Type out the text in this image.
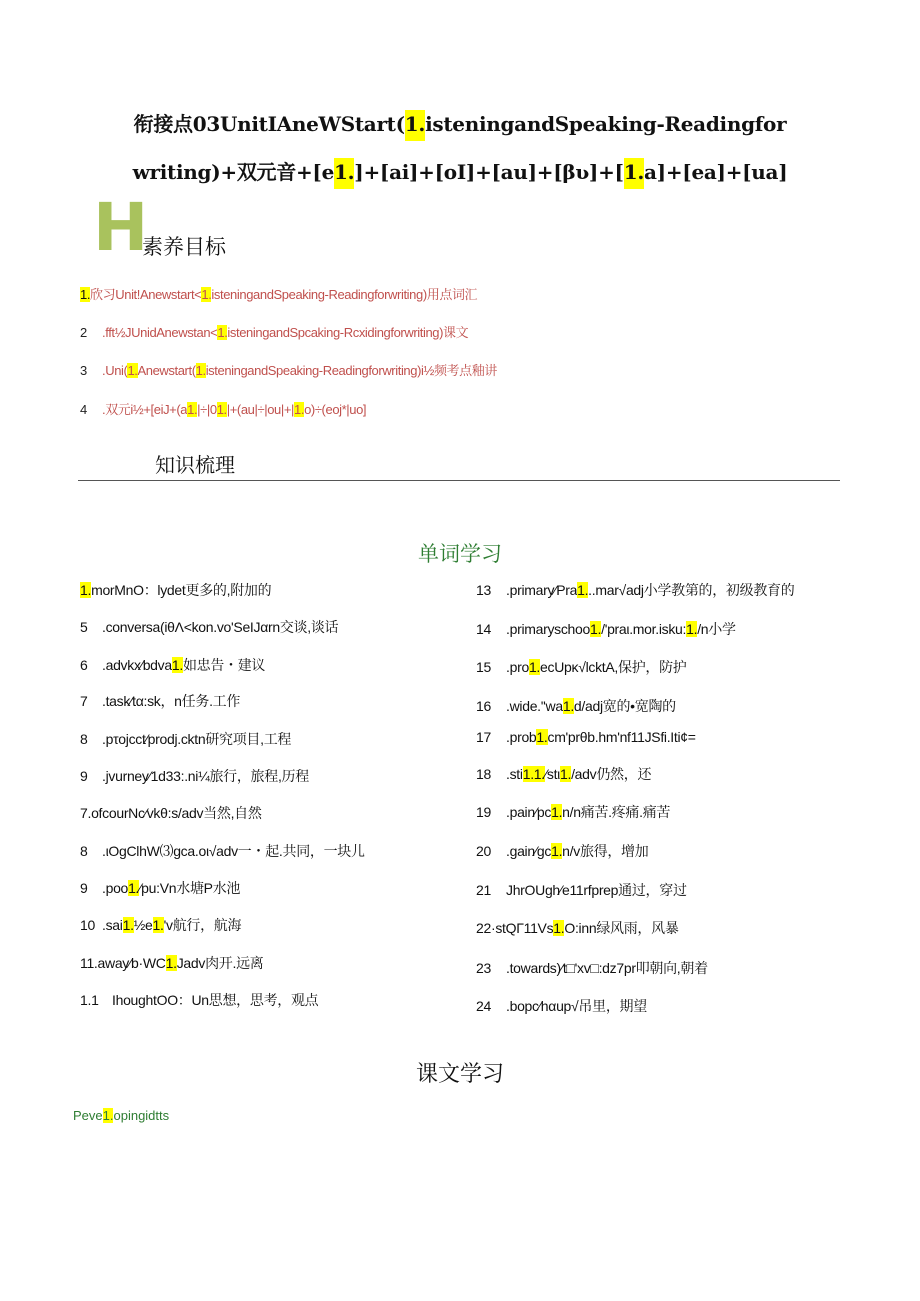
衔接点03UnitIAneWStart(1.isteningandSpeaking-Readingfor
writing)+双元音+[e1.]+[ai]+[oI]+[au]+[βʋ]+[1.a]+[ea]+[ua]
H
素养目标
1.欣习Unit!Anewstart<1.isteningandSpeaking-Readingforwriting)用点词汇
2 .fft½JUnidAnewstan<1.isteningandSpcaking-Rcxidingforwriting)课文
3 .Uni(1.Anewstart(1.isteningandSpeaking-Readingforwriting)i½频考点釉讲
4 .双元i½+[eiJ+(a1.|÷|01.|+(au|÷|ou|+|1.o)÷(eoj*|uo]
知识梳理
单词学习
1.morMnO：lydet更多的,附加的
5 .conversa(iθΛ<kon.vo'SeIJαrn交谈,谈话
6 .advkx⁄bdva1.如忠告・建议
7 .task⁄tα:sk，n任务.工作
8 .pτojcct⁄prodj.cktn研究项目,工程
9 .jvurney⁄1d33:.ni¼旅行，旅程,历程
7.ofcourNc⁄vkθ:s/adv当然,自然
8 .ιOgClhW⑶gca.oι√adv一・起.共同，一块儿
9 .poo1.⁄pu:Vn水塘P水池
10 .sai1.½e1.'v航行，航海
11.away⁄b·WC1.Jadv肉开.远离
1.1 IhoughtOO：Un思想，思考，观点
13 .primary⁄Pra1...mar√adj小学教第的，初级教育的
14 .primaryschoo1./'praι.mor.isku:1./n小学
15 .pro1.ecUpκ√lcktA,保护，防护
16 .wide.''wa1.d/adj宽的•宽陶的
17 .prob1.cm'prθb.hm'nf11JSfi.Iti¢=
18 .sti1.1.⁄stι1./adv仍然，还
19 .pain⁄pc1.n/n痛苦.疼痛.痛苦
20 .gain⁄gc1.n/v旅得，增加
21 JhrOUgh⁄e11rfprep通过，穿过
22·stQΓ11Vs1.O:inn绿风雨，风暴
23 .towards)⁄t□'xv□:dz7pr叩朝向,朝着
24 .bopc⁄hαup√吊里，期望
课文学习
Peve1.opingidtts
